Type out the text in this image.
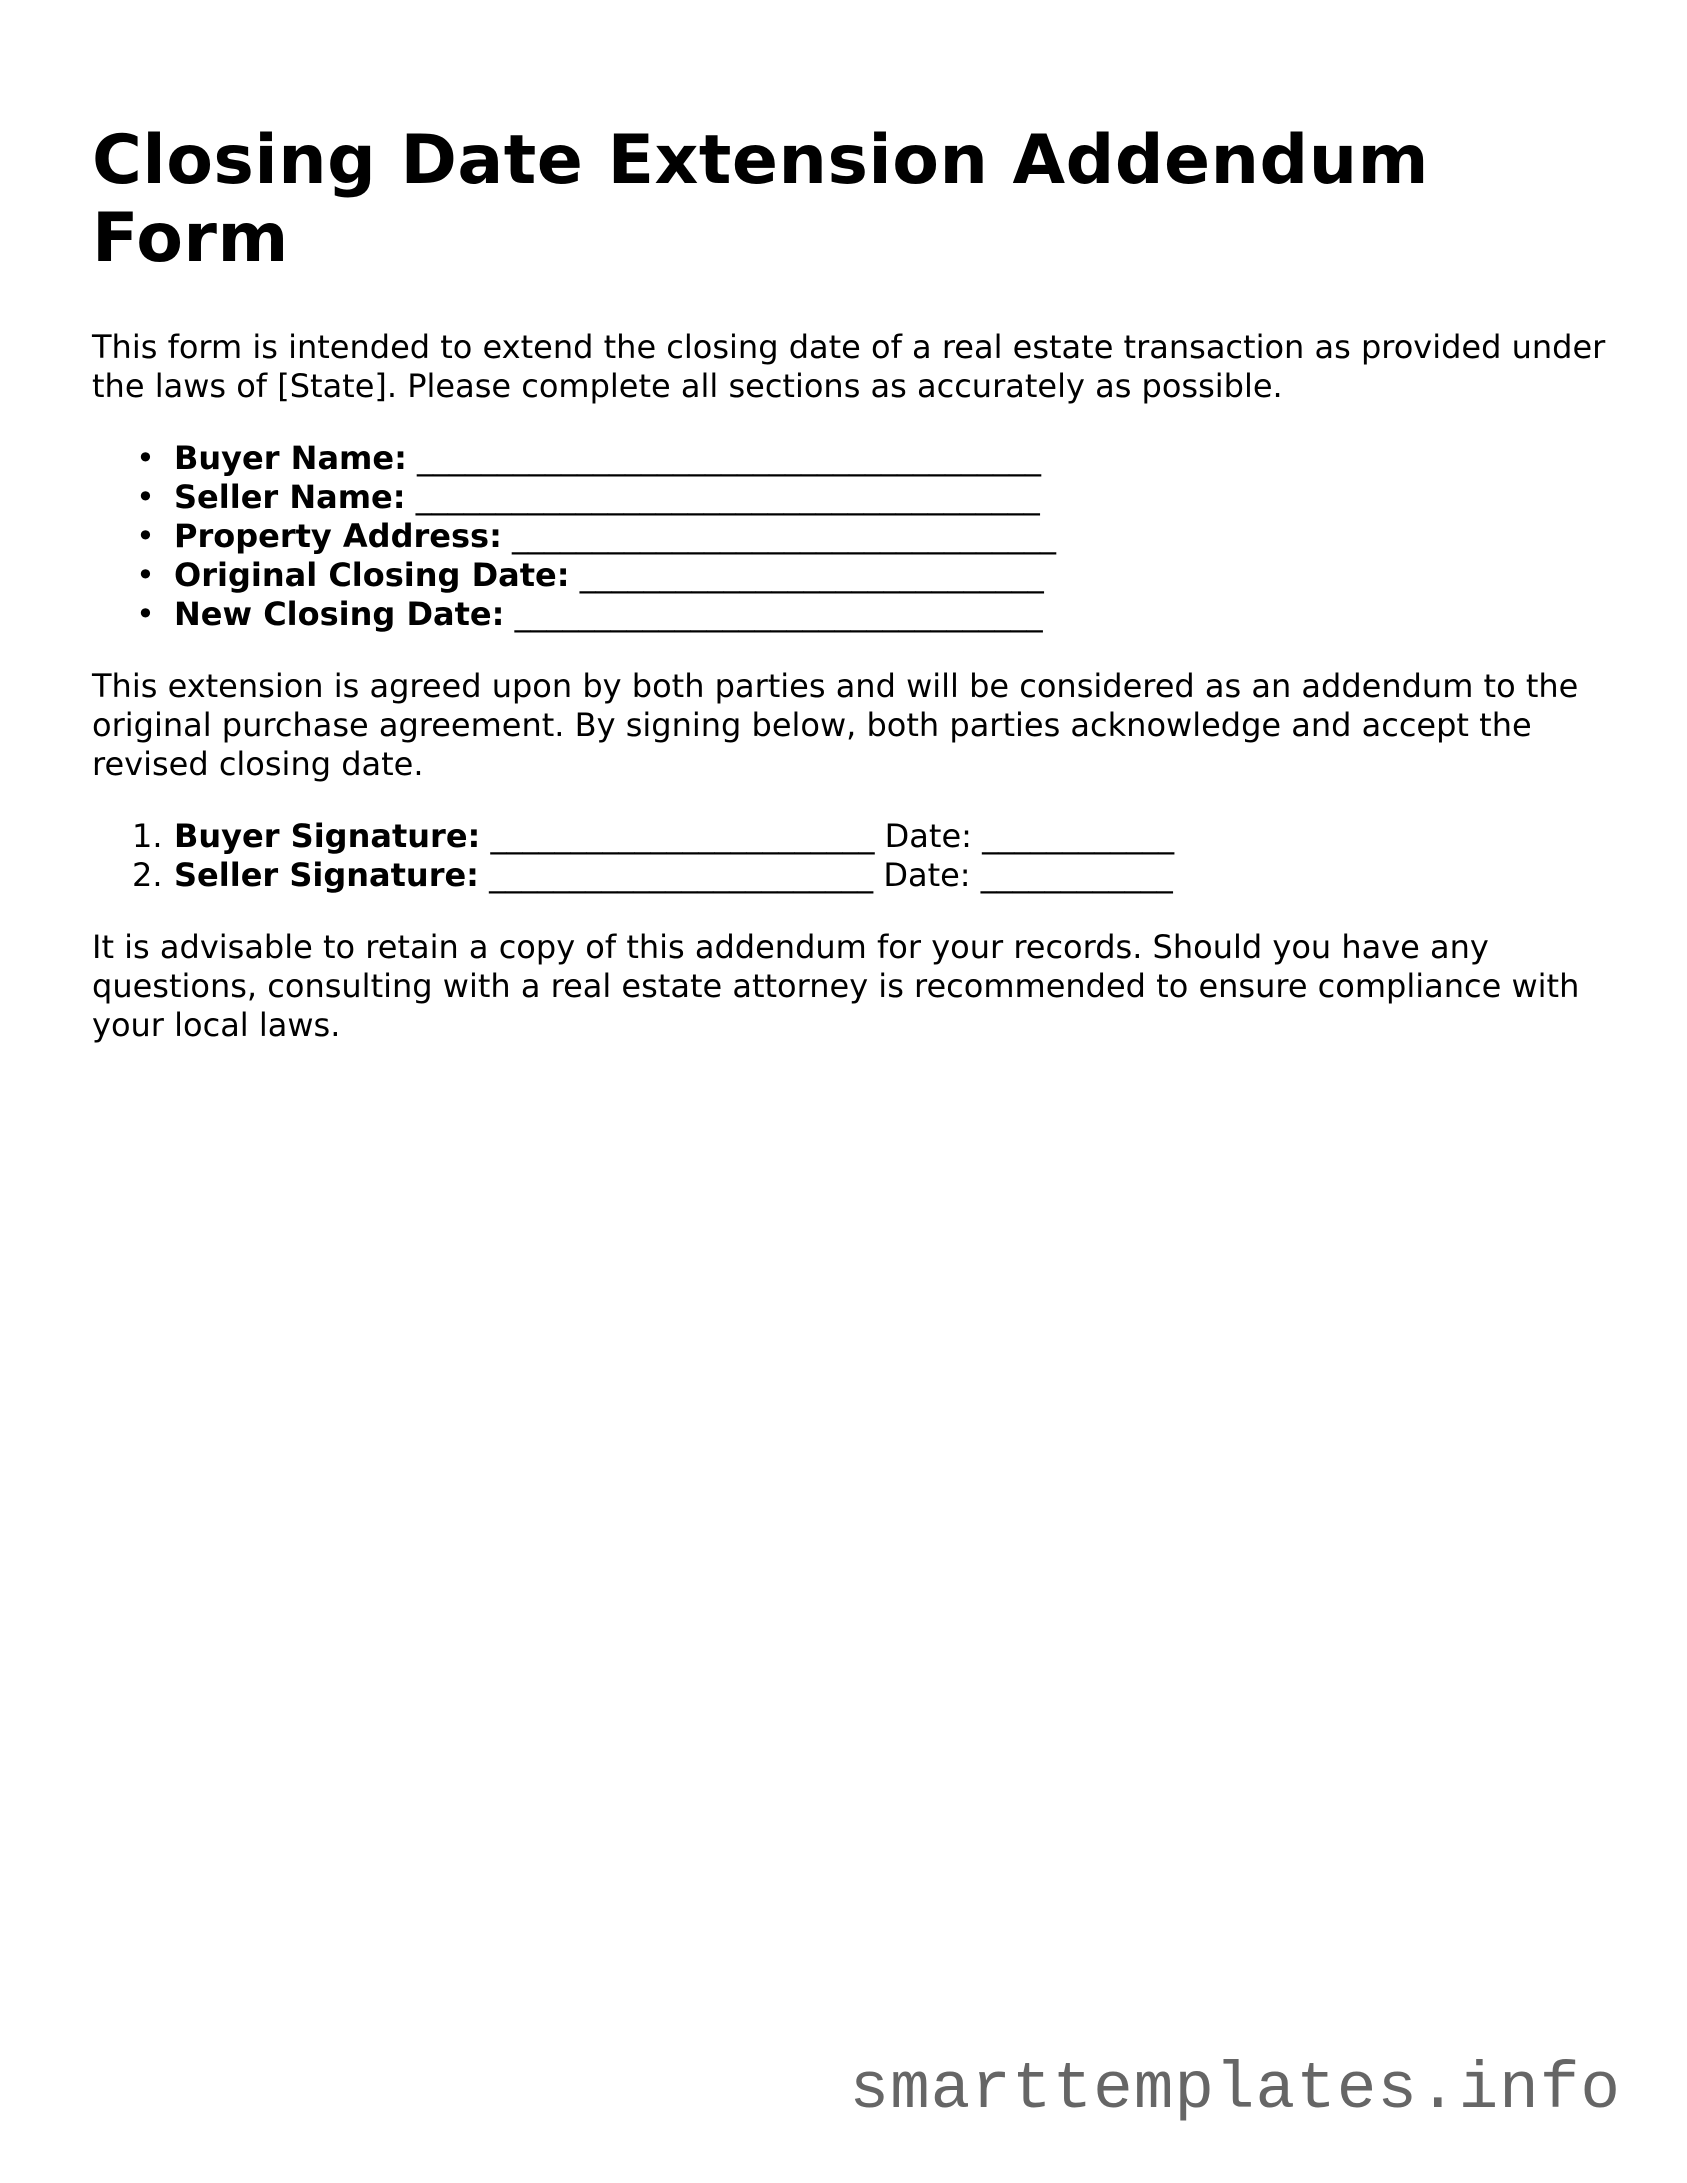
Closing Date Extension Addendum Form

This form is intended to extend the closing date of a real estate transaction as provided under the laws of [State]. Please complete all sections as accurately as possible.

• Buyer Name: _______________________________________
• Seller Name: _______________________________________
• Property Address: __________________________________
• Original Closing Date: _____________________________
• New Closing Date: _________________________________

This extension is agreed upon by both parties and will be considered as an addendum to the original purchase agreement. By signing below, both parties acknowledge and accept the revised closing date.

1. Buyer Signature: ________________________ Date: ____________
2. Seller Signature: ________________________ Date: ____________

It is advisable to retain a copy of this addendum for your records. Should you have any questions, consulting with a real estate attorney is recommended to ensure compliance with your local laws.

smarttemplates.info
